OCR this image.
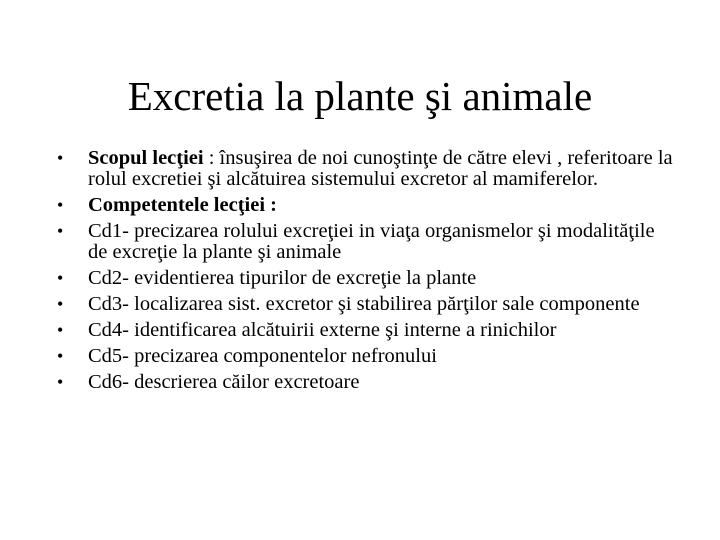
Excretia la plante şi animale
•	Scopul lecţiei : însuşirea de noi cunoştinţe de către elevi , referitoare la rolul excretiei şi alcătuirea sistemului excretor al mamiferelor.
•	Competentele lecţiei :
•	Cd1- precizarea rolului excreţiei in viaţa organismelor şi modalităţile de excreţie la plante şi animale
•	Cd2- evidentierea tipurilor de excreţie la plante
•	Cd3- localizarea sist. excretor şi stabilirea părţilor sale componente
•	Cd4- identificarea alcătuirii externe şi interne a rinichilor
•	Cd5- precizarea componentelor nefronului
•	Cd6- descrierea căilor excretoare
